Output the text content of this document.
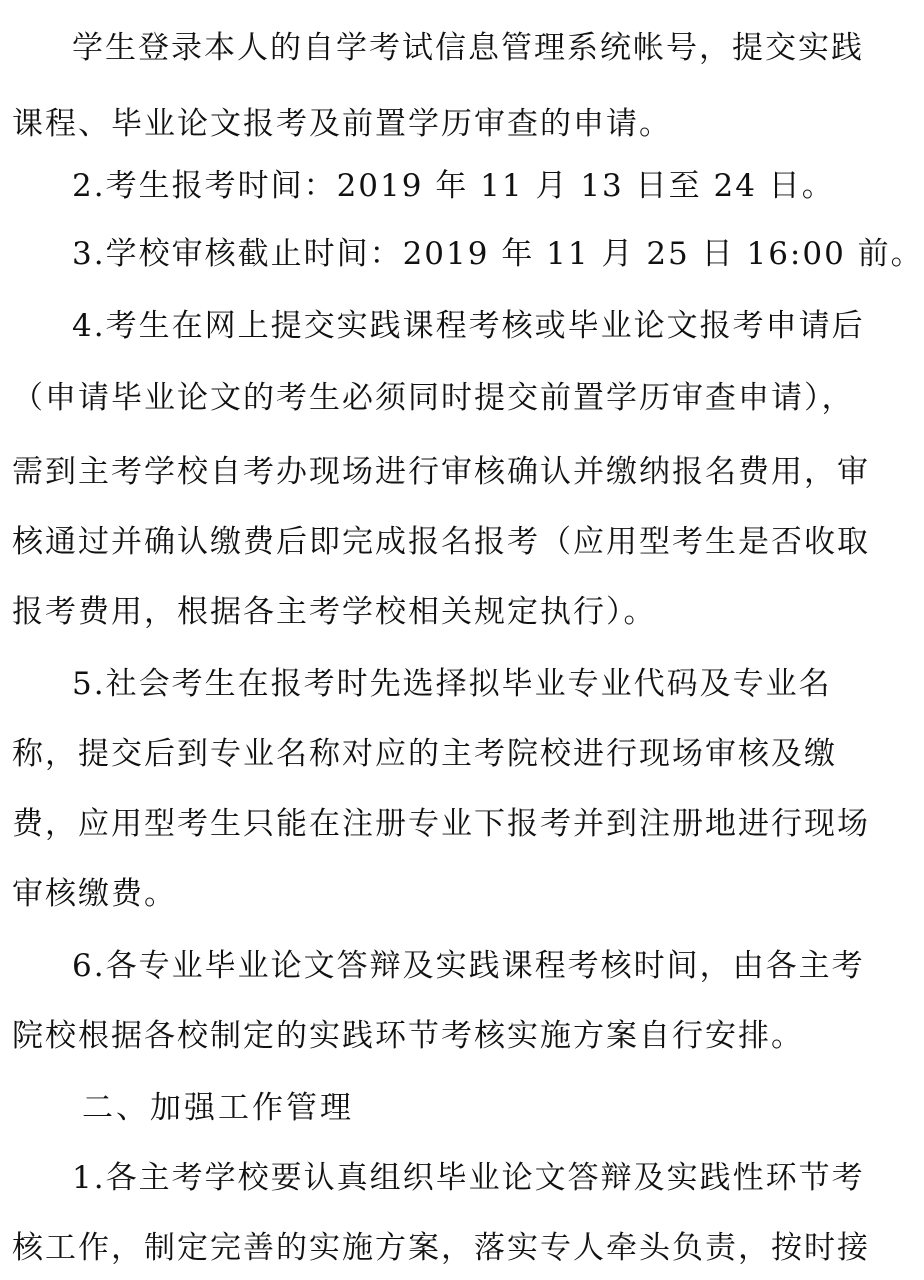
学生登录本人的自学考试信息管理系统帐号，提交实践
课程、毕业论文报考及前置学历审查的申请。
2.考生报考时间：2019 年 11 月 13 日至 24 日。
3.学校审核截止时间：2019 年 11 月 25 日 16:00 前。
4.考生在网上提交实践课程考核或毕业论文报考申请后
（申请毕业论文的考生必须同时提交前置学历审查申请），
需到主考学校自考办现场进行审核确认并缴纳报名费用，审
核通过并确认缴费后即完成报名报考（应用型考生是否收取
报考费用，根据各主考学校相关规定执行）。
5.社会考生在报考时先选择拟毕业专业代码及专业名
称，提交后到专业名称对应的主考院校进行现场审核及缴
费，应用型考生只能在注册专业下报考并到注册地进行现场
审核缴费。
6.各专业毕业论文答辩及实践课程考核时间，由各主考
院校根据各校制定的实践环节考核实施方案自行安排。
二、加强工作管理
1.各主考学校要认真组织毕业论文答辩及实践性环节考
核工作，制定完善的实施方案，落实专人牵头负责，按时接
